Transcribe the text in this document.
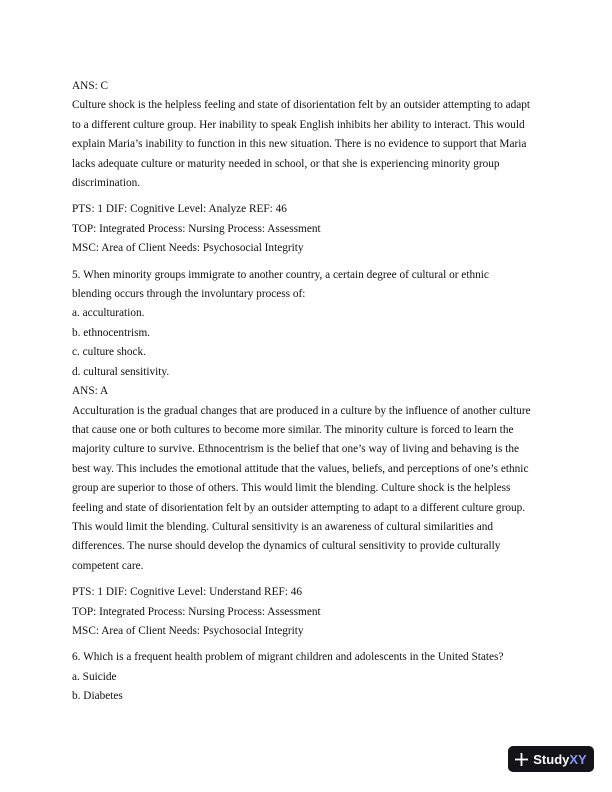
ANS: C
Culture shock is the helpless feeling and state of disorientation felt by an outsider attempting to adapt
to a different culture group. Her inability to speak English inhibits her ability to interact. This would
explain Maria’s inability to function in this new situation. There is no evidence to support that Maria
lacks adequate culture or maturity needed in school, or that she is experiencing minority group
discrimination.
PTS: 1 DIF: Cognitive Level: Analyze REF: 46
TOP: Integrated Process: Nursing Process: Assessment
MSC: Area of Client Needs: Psychosocial Integrity
5. When minority groups immigrate to another country, a certain degree of cultural or ethnic
blending occurs through the involuntary process of:
a. acculturation.
b. ethnocentrism.
c. culture shock.
d. cultural sensitivity.
ANS: A
Acculturation is the gradual changes that are produced in a culture by the influence of another culture
that cause one or both cultures to become more similar. The minority culture is forced to learn the
majority culture to survive. Ethnocentrism is the belief that one’s way of living and behaving is the
best way. This includes the emotional attitude that the values, beliefs, and perceptions of one’s ethnic
group are superior to those of others. This would limit the blending. Culture shock is the helpless
feeling and state of disorientation felt by an outsider attempting to adapt to a different culture group.
This would limit the blending. Cultural sensitivity is an awareness of cultural similarities and
differences. The nurse should develop the dynamics of cultural sensitivity to provide culturally
competent care.
PTS: 1 DIF: Cognitive Level: Understand REF: 46
TOP: Integrated Process: Nursing Process: Assessment
MSC: Area of Client Needs: Psychosocial Integrity
6. Which is a frequent health problem of migrant children and adolescents in the United States?
a. Suicide
b. Diabetes
Study XY
